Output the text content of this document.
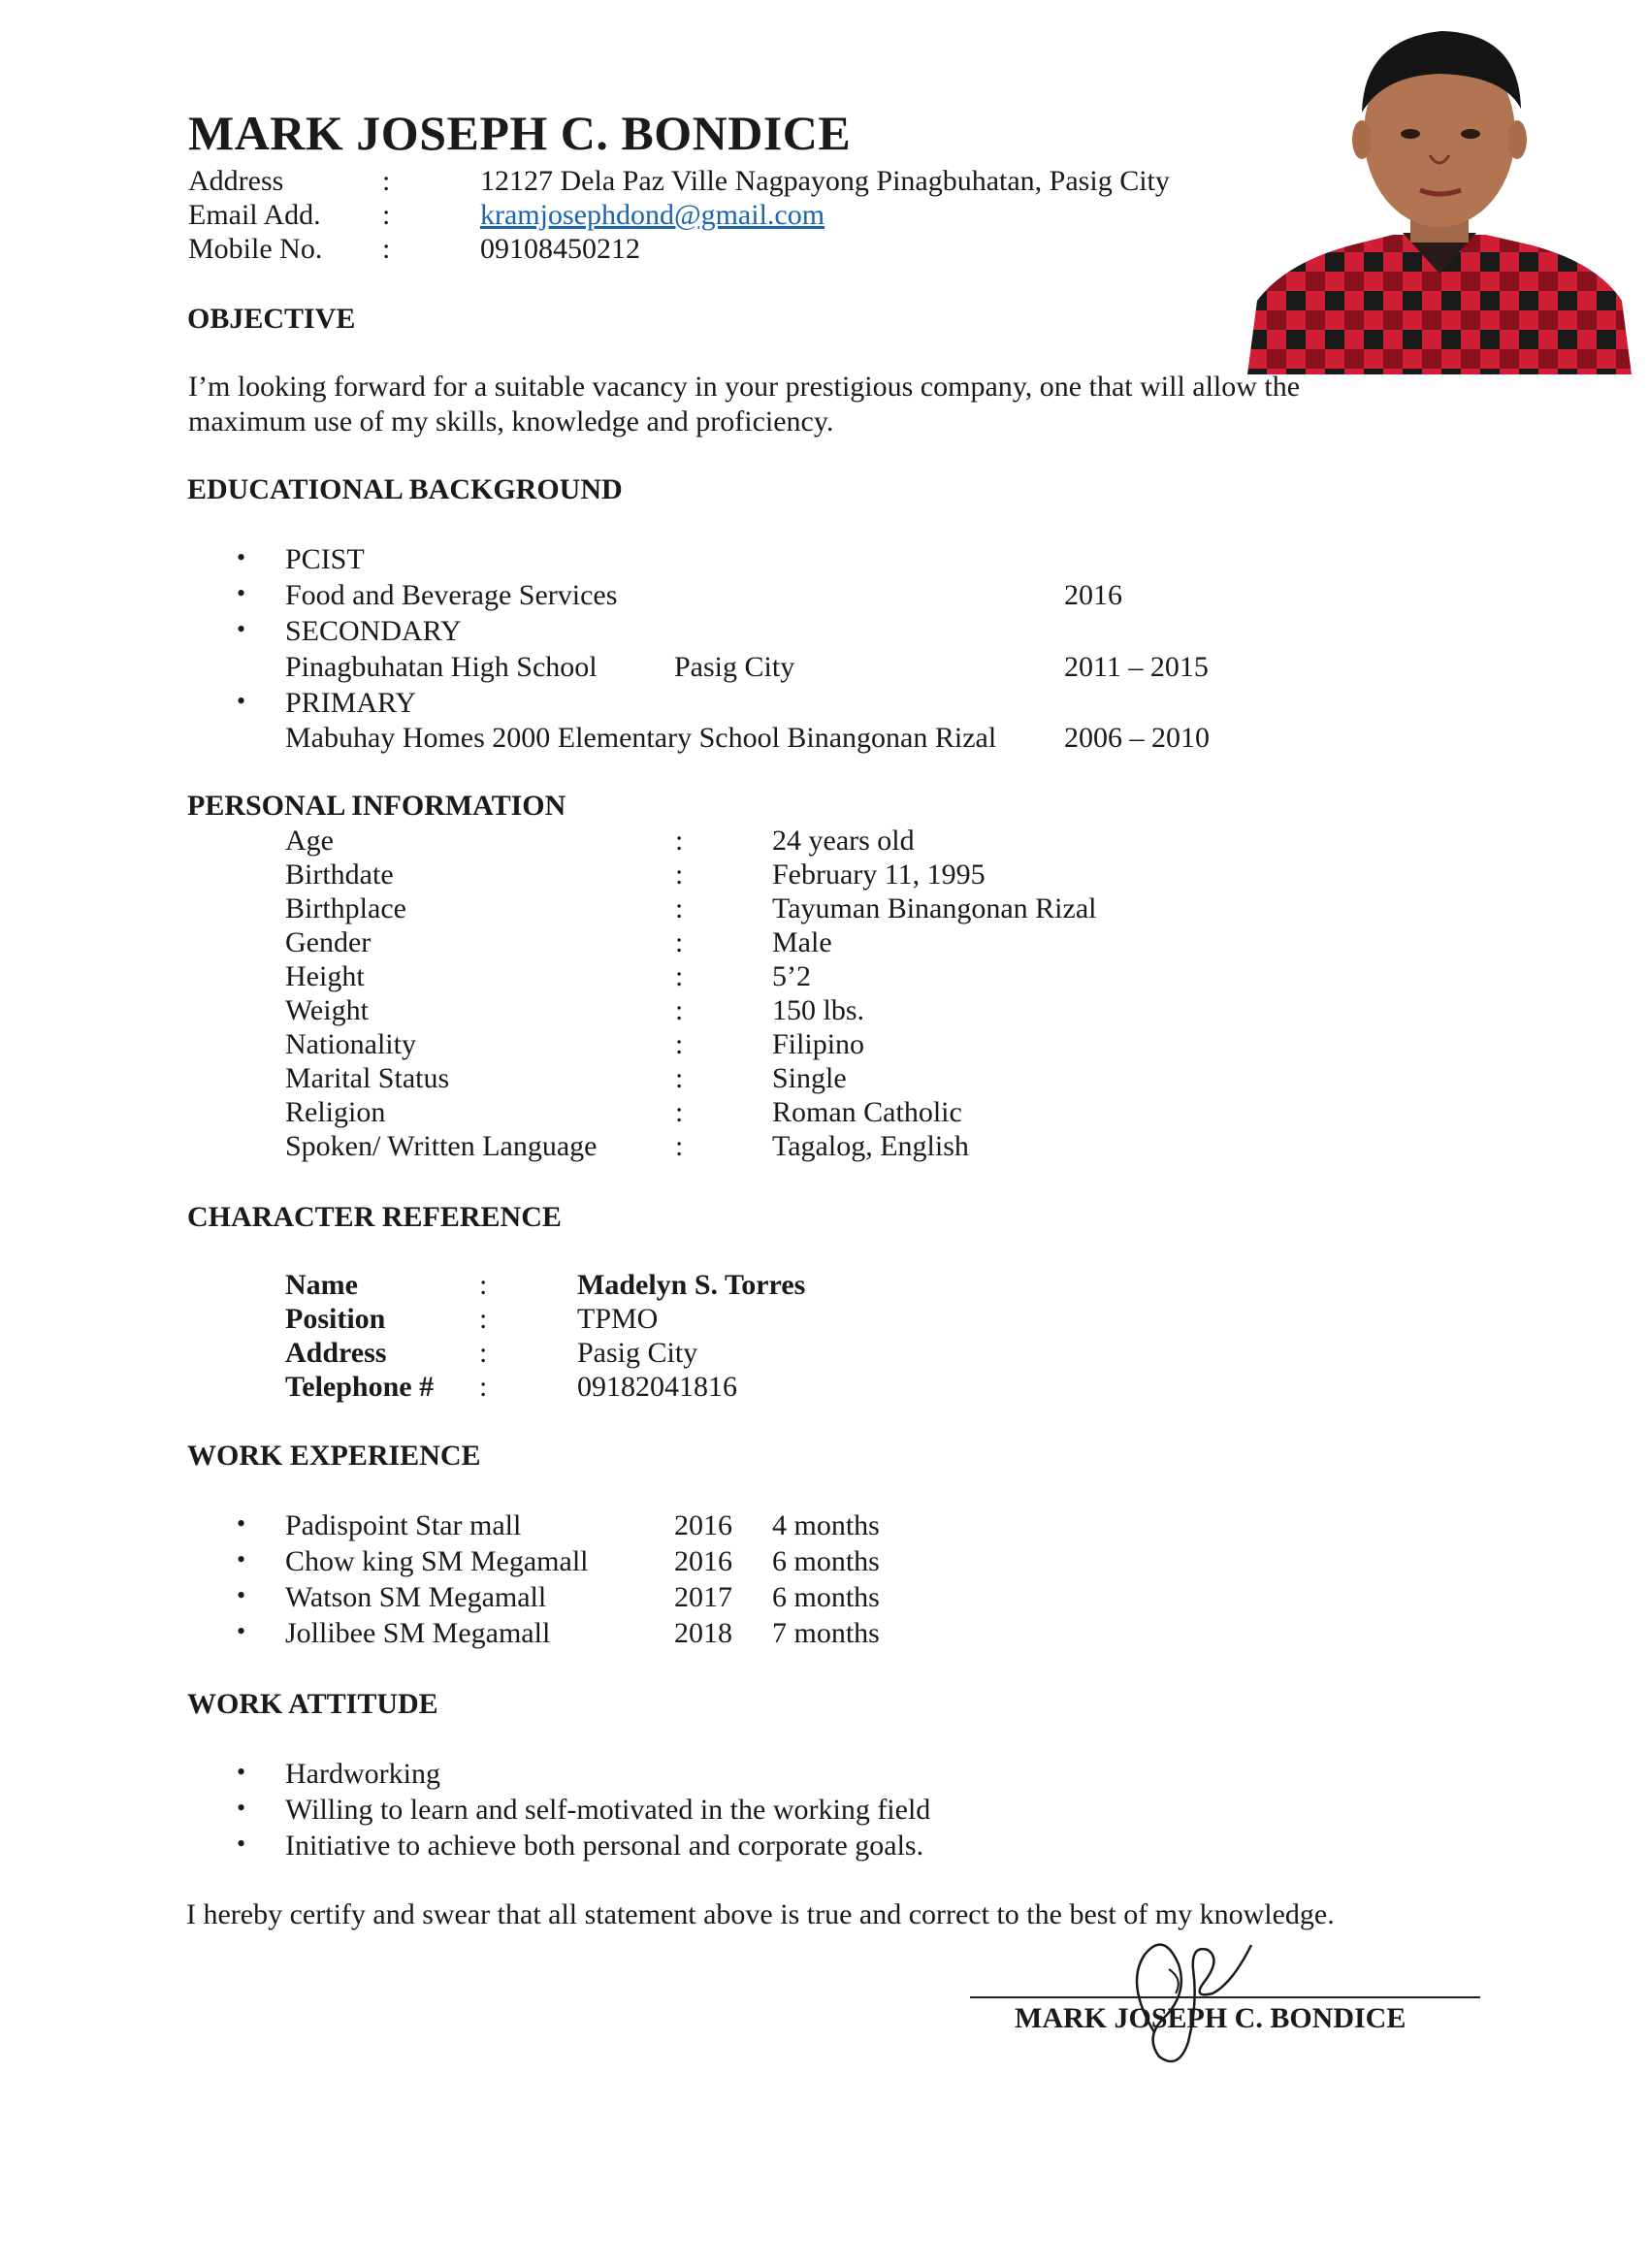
MARK JOSEPH C. BONDICE
Address	:	12127 Dela Paz Ville Nagpayong Pinagbuhatan, Pasig City
Email Add. :	kramjosephdond@gmail.com
Mobile No. :	09108450212
OBJECTIVE
I’m looking forward for a suitable vacancy in your prestigious company, one that will allow the
maximum use of my skills, knowledge and proficiency.
EDUCATIONAL BACKGROUND
• PCIST
• Food and Beverage Services	2016
• SECONDARY
Pinagbuhatan High School	Pasig City	2011 – 2015
• PRIMARY
Mabuhay Homes 2000 Elementary School Binangonan Rizal 2006 – 2010
PERSONAL INFORMATION
Age	:	24 years old
Birthdate	:	February 11, 1995
Birthplace	:	Tayuman Binangonan Rizal
Gender	:	Male
Height	:	5’2
Weight	:	150 lbs.
Nationality	:	Filipino
Marital Status	:	Single
Religion	:	Roman Catholic
Spoken/ Written Language	:	Tagalog, English
CHARACTER REFERENCE
Name	:	Madelyn S. Torres
Position	:	TPMO
Address	:	Pasig City
Telephone # :	09182041816
WORK EXPERIENCE
• Padispoint Star mall	2016 4 months
• Chow king SM Megamall	2016 6 months
• Watson SM Megamall	2017 6 months
• Jollibee SM Megamall	2018 7 months
WORK ATTITUDE
• Hardworking
• Willing to learn and self-motivated in the working field
• Initiative to achieve both personal and corporate goals.
I hereby certify and swear that all statement above is true and correct to the best of my knowledge.
MARK JOSEPH C. BONDICE
